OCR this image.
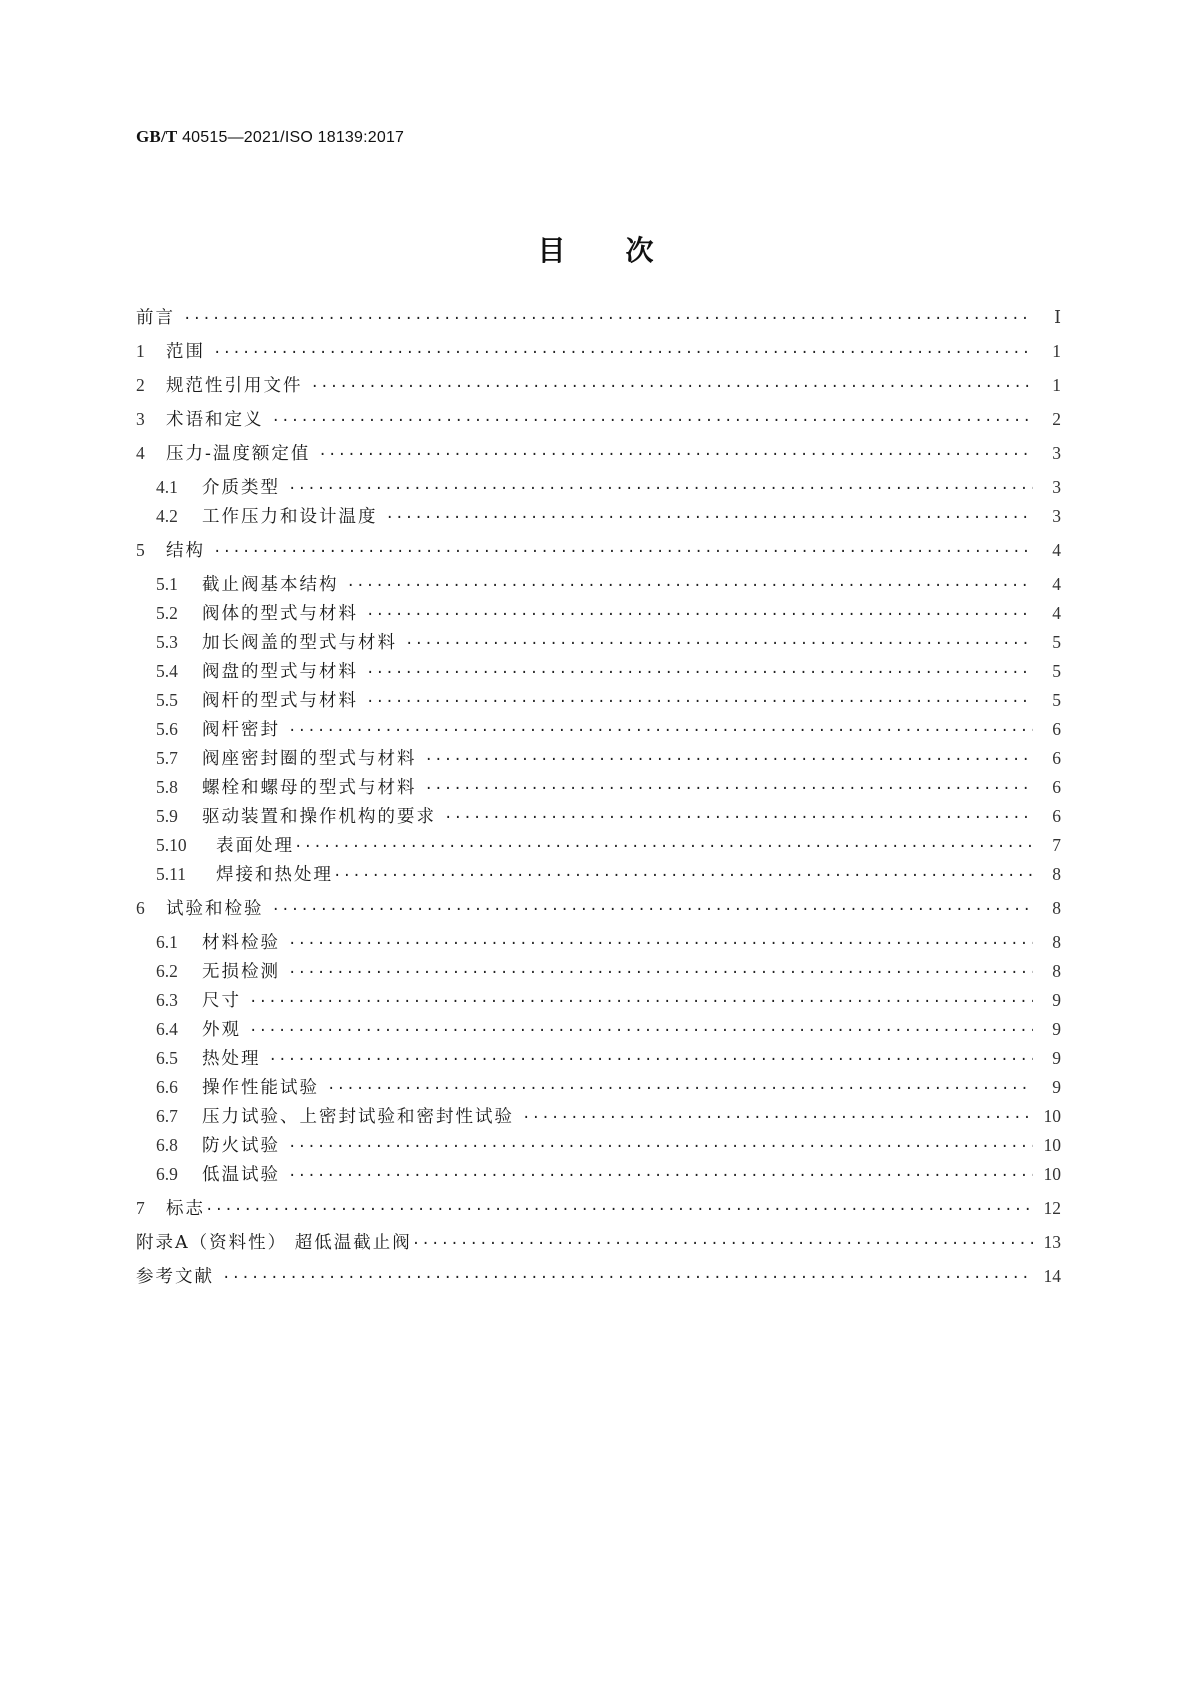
GB/T 40515—2021/ISO 18139:2017
目次
前言 ·····	Ⅰ
1	范围 ·····	1
2	规范性引用文件 ·····	1
3	术语和定义 ·····	2
4	压力-温度额定值 ·····	3
4.1	介质类型 ·····	3
4.2	工作压力和设计温度 ·····	3
5	结构 ·····	4
5.1	截止阀基本结构 ·····	4
5.2	阀体的型式与材料 ·····	4
5.3	加长阀盖的型式与材料 ·····	5
5.4	阀盘的型式与材料 ·····	5
5.5	阀杆的型式与材料 ·····	5
5.6	阀杆密封 ·····	6
5.7	阀座密封圈的型式与材料 ·····	6
5.8	螺栓和螺母的型式与材料 ·····	6
5.9	驱动装置和操作机构的要求 ·····	6
5.10	表面处理 ·····	7
5.11	焊接和热处理 ·····	8
6	试验和检验 ·····	8
6.1	材料检验 ·····	8
6.2	无损检测 ·····	8
6.3	尺寸 ·····	9
6.4	外观 ·····	9
6.5	热处理 ·····	9
6.6	操作性能试验 ·····	9
6.7	压力试验、上密封试验和密封性试验 ·····	10
6.8	防火试验 ·····	10
6.9	低温试验 ·····	10
7	标志 ·····	12
附录A（资料性） 超低温截止阀 ·····	13
参考文献 ·····	14
